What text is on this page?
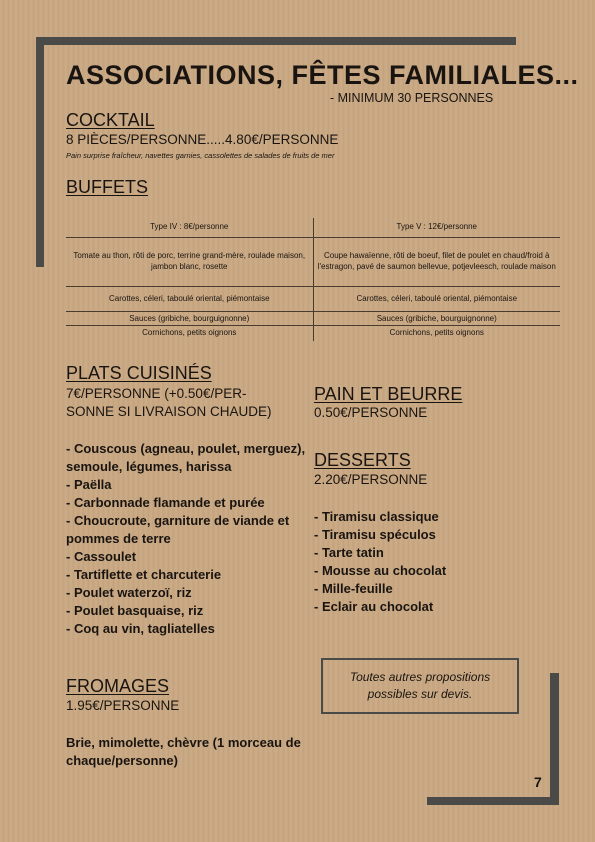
ASSOCIATIONS, FÊTES FAMILIALES...
- MINIMUM 30 PERSONNES
COCKTAIL
8 PIÈCES/PERSONNE.....4.80€/PERSONNE
Pain surprise fraîcheur, navettes garnies, cassolettes de salades de fruits de mer
BUFFETS
Type IV : 8€/personne	Type V : 12€/personne
Tomate au thon, rôti de porc, terrine grand-mère, roulade maison, jambon blanc, rosette	Coupe hawaïenne, rôti de boeuf, filet de poulet en chaud/froid à l'estragon, pavé de saumon bellevue, potjevleesch, roulade maison
Carottes, céleri, taboulé oriental, piémontaise	Carottes, céleri, taboulé oriental, piémontaise
Sauces (gribiche, bourguignonne)	Sauces (gribiche, bourguignonne)
Cornichons, petits oignons	Cornichons, petits oignons
PLATS CUISINÉS
7€/PERSONNE (+0.50€/PER-
SONNE SI LIVRAISON CHAUDE)
- Couscous (agneau, poulet, merguez), semoule, légumes, harissa
- Paëlla
- Carbonnade flamande et purée
- Choucroute, garniture de viande et pommes de terre
- Cassoulet
- Tartiflette et charcuterie
- Poulet waterzoï, riz
- Poulet basquaise, riz
- Coq au vin, tagliatelles
PAIN ET BEURRE
0.50€/PERSONNE
DESSERTS
2.20€/PERSONNE
- Tiramisu classique
- Tiramisu spéculos
- Tarte tatin
- Mousse au chocolat
- Mille-feuille
- Eclair au chocolat
Toutes autres propositions possibles sur devis.
FROMAGES
1.95€/PERSONNE
Brie, mimolette, chèvre (1 morceau de chaque/personne)
7
